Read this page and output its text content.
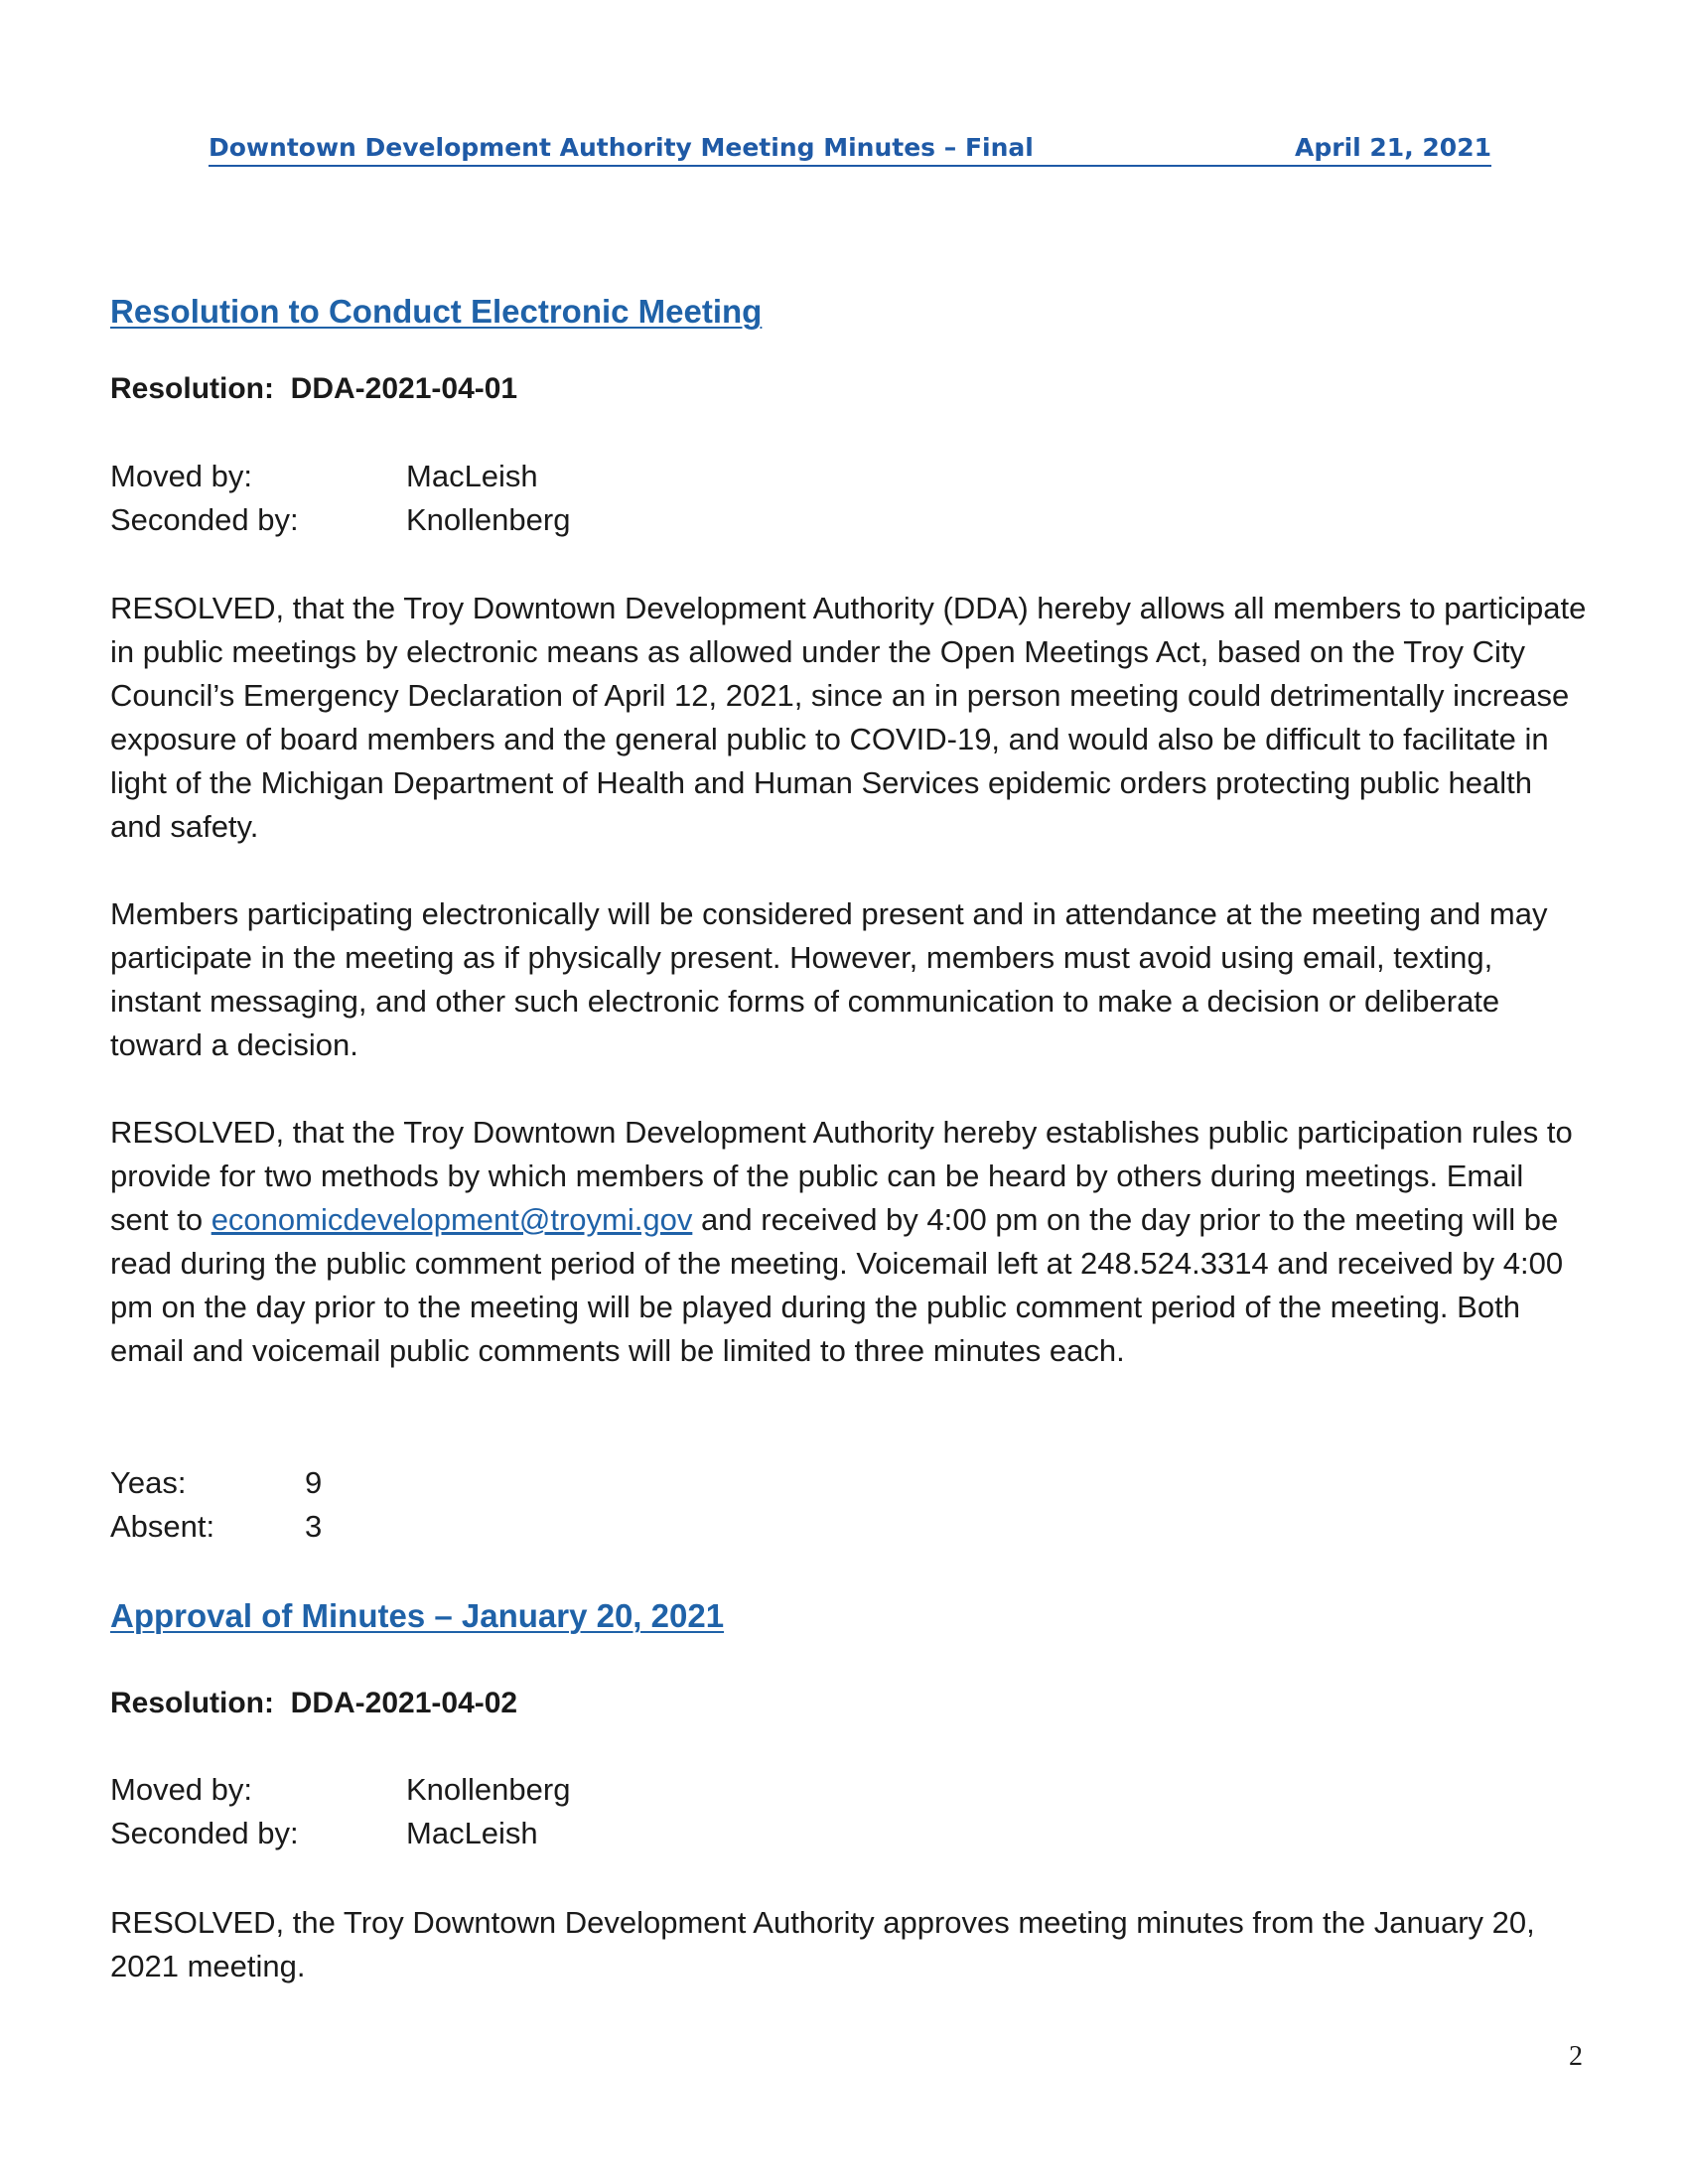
Downtown Development Authority Meeting Minutes – Final	April 21, 2021
Resolution to Conduct Electronic Meeting
Resolution: DDA-2021-04-01
Moved by:	MacLeish
Seconded by:	Knollenberg

RESOLVED, that the Troy Downtown Development Authority (DDA) hereby allows all members to participate in public meetings by electronic means as allowed under the Open Meetings Act, based on the Troy City Council’s Emergency Declaration of April 12, 2021, since an in person meeting could detrimentally increase exposure of board members and the general public to COVID-19, and would also be difficult to facilitate in light of the Michigan Department of Health and Human Services epidemic orders protecting public health and safety.

Members participating electronically will be considered present and in attendance at the meeting and may participate in the meeting as if physically present. However, members must avoid using email, texting, instant messaging, and other such electronic forms of communication to make a decision or deliberate toward a decision.

RESOLVED, that the Troy Downtown Development Authority hereby establishes public participation rules to provide for two methods by which members of the public can be heard by others during meetings. Email sent to economicdevelopment@troymi.gov and received by 4:00 pm on the day prior to the meeting will be read during the public comment period of the meeting. Voicemail left at 248.524.3314 and received by 4:00 pm on the day prior to the meeting will be played during the public comment period of the meeting. Both email and voicemail public comments will be limited to three minutes each.

Yeas:	9
Absent:	3
Approval of Minutes – January 20, 2021
Resolution: DDA-2021-04-02
Moved by:	Knollenberg
Seconded by:	MacLeish

RESOLVED, the Troy Downtown Development Authority approves meeting minutes from the January 20, 2021 meeting.

2
